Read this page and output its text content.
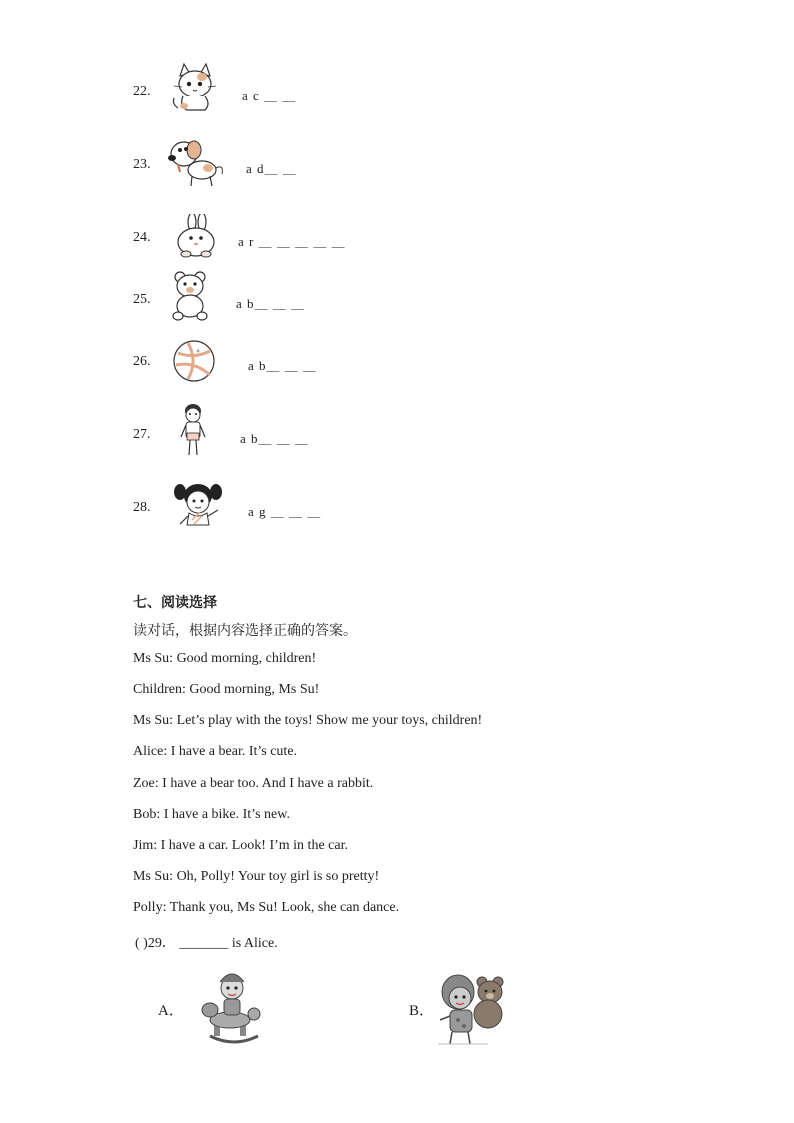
22.	a c ＿ ＿
23.	a d＿ ＿
24.	a r ＿ ＿ ＿ ＿ ＿
25.	a b＿ ＿ ＿
26.	a b＿ ＿ ＿
27.	a b＿ ＿ ＿
28.	a g ＿ ＿ ＿
七、阅读选择
读对话，根据内容选择正确的答案。
Ms Su: Good morning, children!
Children: Good morning, Ms Su!
Ms Su: Let’s play with the toys! Show me your toys, children!
Alice: I have a bear. It’s cute.
Zoe: I have a bear too. And I have a rabbit.
Bob: I have a bike. It’s new.
Jim: I have a car. Look! I’m in the car.
Ms Su: Oh, Polly! Your toy girl is so pretty!
Polly: Thank you, Ms Su! Look, she can dance.
( )29． _______ is Alice.
A．	B．
